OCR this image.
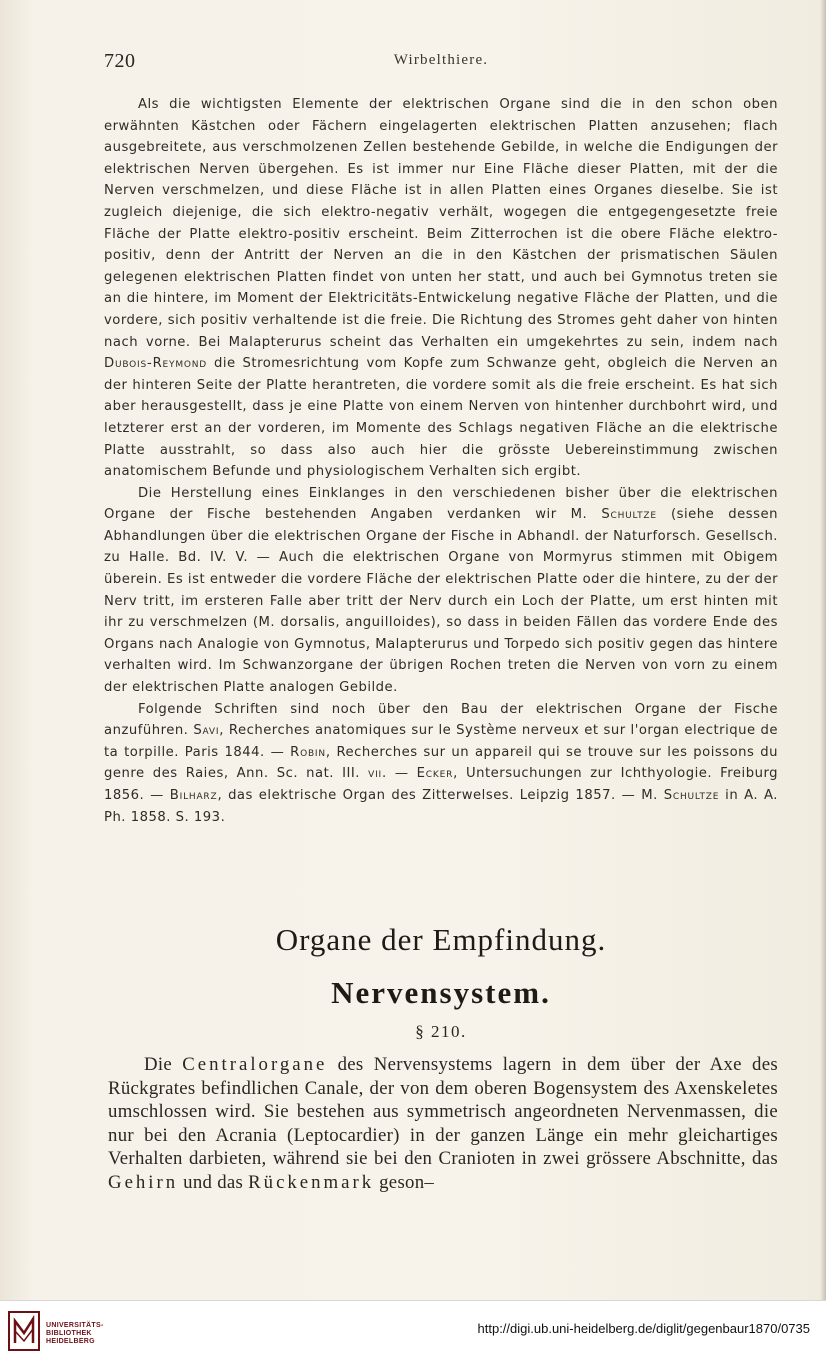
720	Wirbelthiere.

Als die wichtigsten Elemente der elektrischen Organe sind die in den schon oben erwähnten Kästchen oder Fächern eingelagerten elektrischen Platten anzusehen; flach ausgebreitete, aus verschmolzenen Zellen bestehende Gebilde, in welche die Endigungen der elektrischen Nerven übergehen. Es ist immer nur Eine Fläche dieser Platten, mit der die Nerven verschmelzen, und diese Fläche ist in allen Platten eines Organes dieselbe. Sie ist zugleich diejenige, die sich elektro-negativ verhält, wogegen die entgegengesetzte freie Fläche der Platte elektro-positiv erscheint. Beim Zitterrochen ist die obere Fläche elektro-positiv, denn der Antritt der Nerven an die in den Kästchen der prismatischen Säulen gelegenen elektrischen Platten findet von unten her statt, und auch bei Gymnotus treten sie an die hintere, im Moment der Elektricitäts-Entwickelung negative Fläche der Platten, und die vordere, sich positiv verhaltende ist die freie. Die Richtung des Stromes geht daher von hinten nach vorne. Bei Malapterurus scheint das Verhalten ein umgekehrtes zu sein, indem nach Dubois-Reymond die Stromesrichtung vom Kopfe zum Schwanze geht, obgleich die Nerven an der hinteren Seite der Platte herantreten, die vordere somit als die freie erscheint. Es hat sich aber herausgestellt, dass je eine Platte von einem Nerven von hintenher durchbohrt wird, und letzterer erst an der vorderen, im Momente des Schlags negativen Fläche an die elektrische Platte ausstrahlt, so dass also auch hier die grösste Uebereinstimmung zwischen anatomischem Befunde und physiologischem Verhalten sich ergibt.

Die Herstellung eines Einklanges in den verschiedenen bisher über die elektrischen Organe der Fische bestehenden Angaben verdanken wir M. Schultze (siehe dessen Abhandlungen über die elektrischen Organe der Fische in Abhandl. der Naturforsch. Gesellsch. zu Halle. Bd. IV. V. — Auch die elektrischen Organe von Mormyrus stimmen mit Obigem überein. Es ist entweder die vordere Fläche der elektrischen Platte oder die hintere, zu der der Nerv tritt, im ersteren Falle aber tritt der Nerv durch ein Loch der Platte, um erst hinten mit ihr zu verschmelzen (M. dorsalis, anguilloides), so dass in beiden Fällen das vordere Ende des Organs nach Analogie von Gymnotus, Malapterurus und Torpedo sich positiv gegen das hintere verhalten wird. Im Schwanzorgane der übrigen Rochen treten die Nerven von vorn zu einem der elektrischen Platte analogen Gebilde.

Folgende Schriften sind noch über den Bau der elektrischen Organe der Fische anzuführen. Savi, Recherches anatomiques sur le Système nerveux et sur l'organ electrique de ta torpille. Paris 1844. — Robin, Recherches sur un appareil qui se trouve sur les poissons du genre des Raies, Ann. Sc. nat. III. vii. — Ecker, Untersuchungen zur Ichthyologie. Freiburg 1856. — Bilharz, das elektrische Organ des Zitterwelses. Leipzig 1857. — M. Schultze in A. A. Ph. 1858. S. 193.

Organe der Empfindung.
Nervensystem.
§ 210.

Die Centralorgane des Nervensystems lagern in dem über der Axe des Rückgrates befindlichen Canale, der von dem oberen Bogensystem des Axenskeletes umschlossen wird. Sie bestehen aus symmetrisch angeordneten Nervenmassen, die nur bei den Acrania (Leptocardier) in der ganzen Länge ein mehr gleichartiges Verhalten darbieten, während sie bei den Cranioten in zwei grössere Abschnitte, das Gehirn und das Rückenmark geson–

UNIVERSITÄTS-
BIBLIOTHEK
HEIDELBERG
http://digi.ub.uni-heidelberg.de/diglit/gegenbaur1870/0735
